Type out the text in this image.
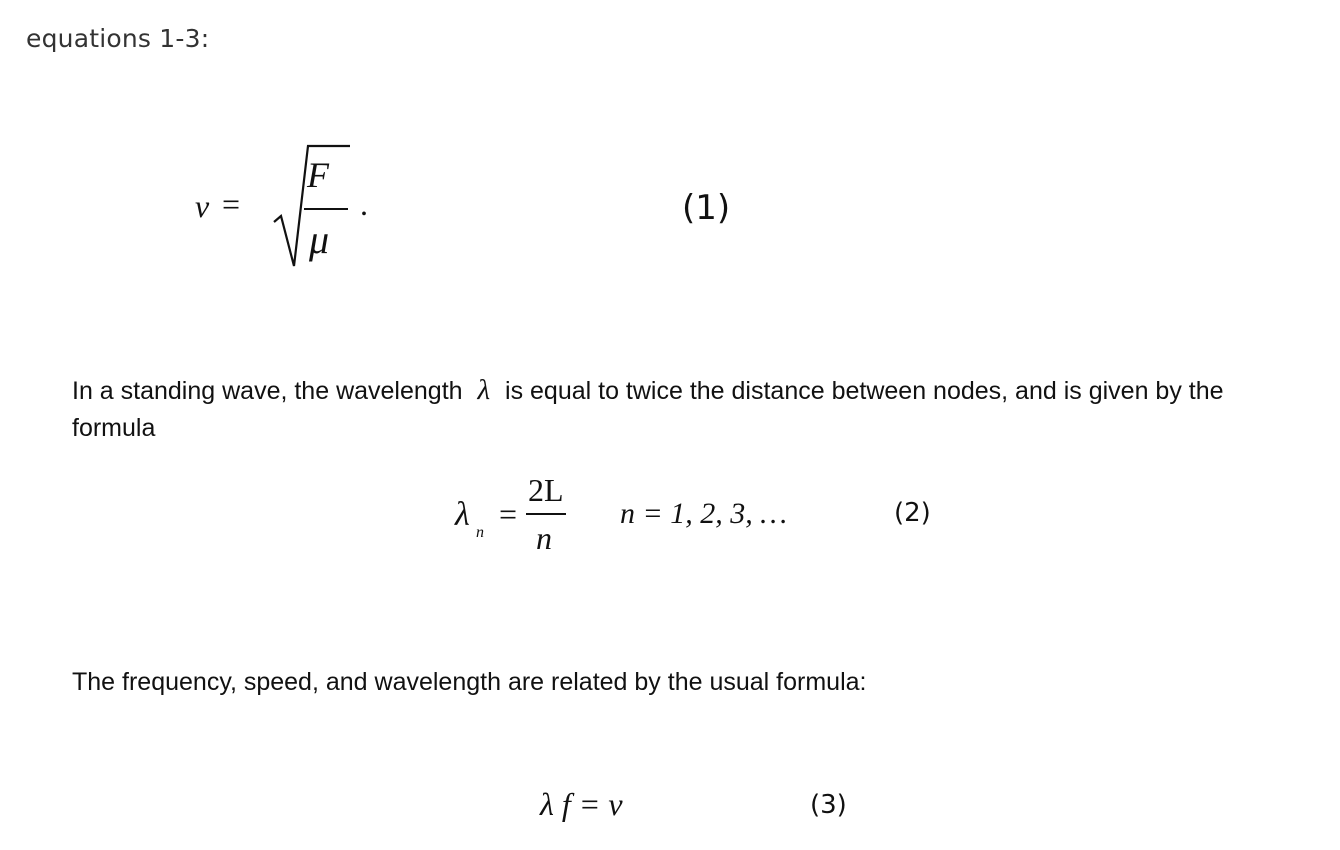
equations 1-3:
v =
F
μ
.	(1)
In a standing wave, the wavelength λ is equal to twice the distance between nodes, and is given by the
formula
λ n
=
2L
n
n = 1, 2, 3, …	(2)
The frequency, speed, and wavelength are related by the usual formula:
λ f = v	(3)
